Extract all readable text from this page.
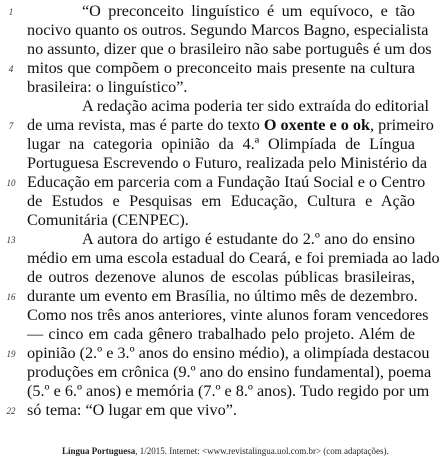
1
4
7
10
13
16
19
22
“O preconceito linguístico é um equívoco, e tão
nocivo quanto os outros. Segundo Marcos Bagno, especialista
no assunto, dizer que o brasileiro não sabe português é um dos
mitos que compõem o preconceito mais presente na cultura
brasileira: o linguístico”.
A redação acima poderia ter sido extraída do editorial
de uma revista, mas é parte do texto O oxente e o ok, primeiro
lugar na categoria opinião da 4.ª Olimpíada de Língua
Portuguesa Escrevendo o Futuro, realizada pelo Ministério da
Educação em parceria com a Fundação Itaú Social e o Centro
de Estudos e Pesquisas em Educação, Cultura e Ação
Comunitária (CENPEC).
A autora do artigo é estudante do 2.º ano do ensino
médio em uma escola estadual do Ceará, e foi premiada ao lado
de outros dezenove alunos de escolas públicas brasileiras,
durante um evento em Brasília, no último mês de dezembro.
Como nos três anos anteriores, vinte alunos foram vencedores
— cinco em cada gênero trabalhado pelo projeto. Além de
opinião (2.º e 3.º anos do ensino médio), a olimpíada destacou
produções em crônica (9.º ano do ensino fundamental), poema
(5.º e 6.º anos) e memória (7.º e 8.º anos). Tudo regido por um
só tema: “O lugar em que vivo”.
Língua Portuguesa, 1/2015. Internet: <www.revistalingua.uol.com.br> (com adaptações).
